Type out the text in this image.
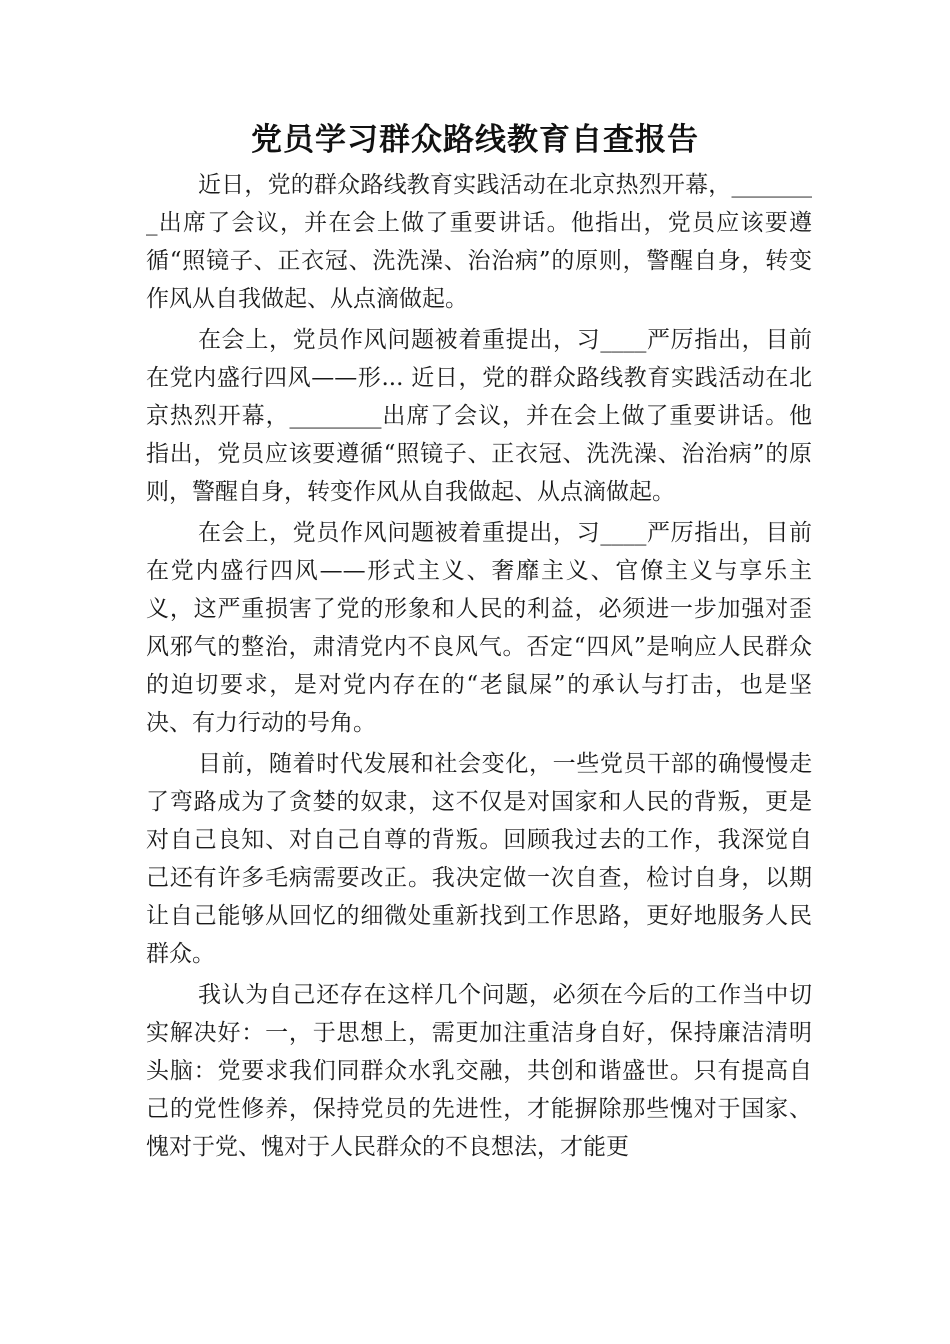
党员学习群众路线教育自查报告

近日，党的群众路线教育实践活动在北京热烈开幕，________出席了会议，并在会上做了重要讲话。他指出，党员应该要遵循“照镜子、正衣冠、洗洗澡、治治病”的原则，警醒自身，转变作风从自我做起、从点滴做起。

在会上，党员作风问题被着重提出，习____严厉指出，目前在党内盛行四风——形... 近日，党的群众路线教育实践活动在北京热烈开幕，________出席了会议，并在会上做了重要讲话。他指出，党员应该要遵循“照镜子、正衣冠、洗洗澡、治治病”的原则，警醒自身，转变作风从自我做起、从点滴做起。

在会上，党员作风问题被着重提出，习____严厉指出，目前在党内盛行四风——形式主义、奢靡主义、官僚主义与享乐主义，这严重损害了党的形象和人民的利益，必须进一步加强对歪风邪气的整治，肃清党内不良风气。否定“四风”是响应人民群众的迫切要求，是对党内存在的“老鼠屎”的承认与打击，也是坚决、有力行动的号角。

目前，随着时代发展和社会变化，一些党员干部的确慢慢走了弯路成为了贪婪的奴隶，这不仅是对国家和人民的背叛，更是对自己良知、对自己自尊的背叛。回顾我过去的工作，我深觉自己还有许多毛病需要改正。我决定做一次自查，检讨自身，以期让自己能够从回忆的细微处重新找到工作思路，更好地服务人民群众。

我认为自己还存在这样几个问题，必须在今后的工作当中切实解决好：一，于思想上，需更加注重洁身自好，保持廉洁清明头脑：党要求我们同群众水乳交融，共创和谐盛世。只有提高自己的党性修养，保持党员的先进性，才能摒除那些愧对于国家、愧对于党、愧对于人民群众的不良想法，才能更
